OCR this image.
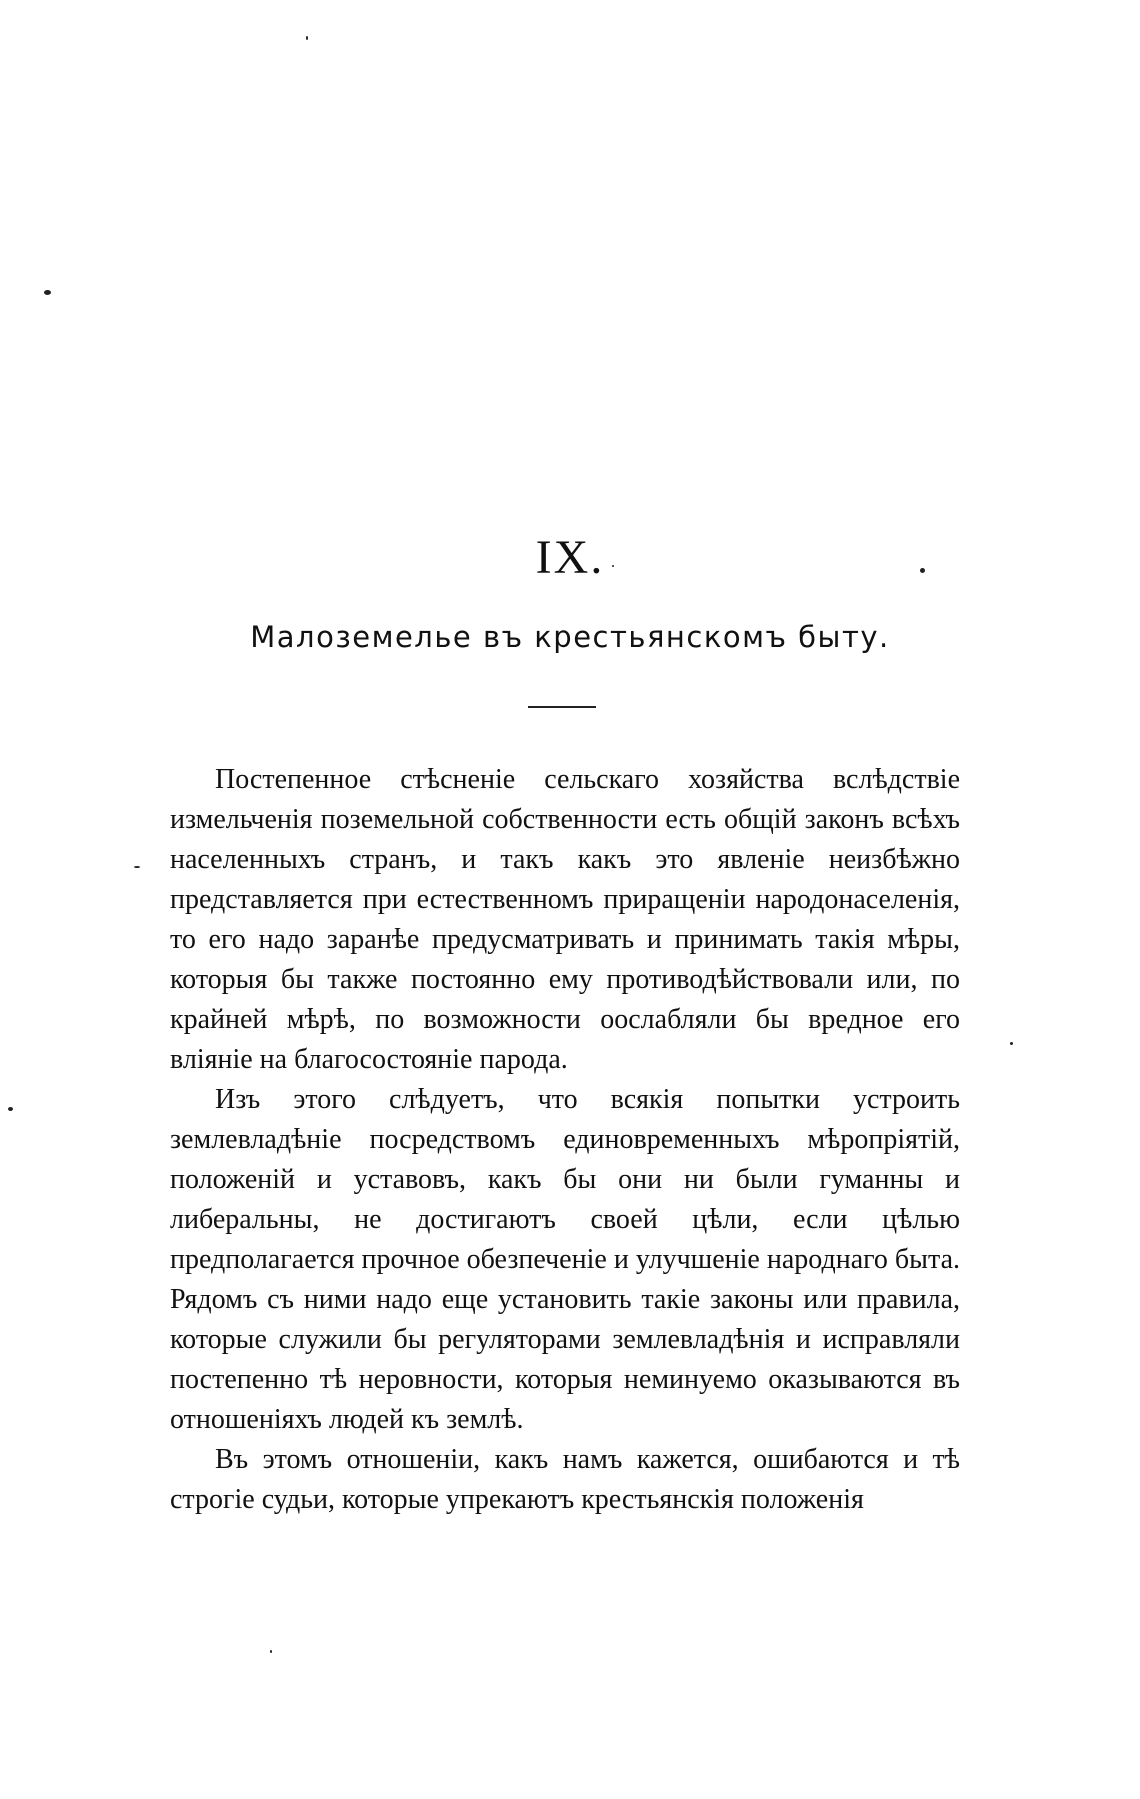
IX.
Малоземелье въ крестьянскомъ быту.

Постепенное стѣсненіе сельскаго хозяйства вслѣдствіе измельченія поземельной собственности есть общій законъ всѣхъ населенныхъ странъ, и такъ какъ это явленіе неизбѣжно представляется при естественномъ приращеніи народонаселенія, то его надо заранѣе предусматривать и принимать такія мѣры, которыя бы также постоянно ему противодѣйствовали или, по крайней мѣрѣ, по возможности ооcлабляли бы вредное его вліяніе на благосостояніе парода.

Изъ этого слѣдуетъ, что всякія попытки устроить землевладѣніе посредствомъ единовременныхъ мѣропріятій, положеній и уставовъ, какъ бы они ни были гуманны и либеральны, не достигаютъ своей цѣли, если цѣлью предполагается прочное обезпеченіе и улучшеніе народнаго быта. Рядомъ съ ними надо еще установить такіе законы или правила, которые служили бы регуляторами землевладѣнія и исправляли постепенно тѣ неровности, которыя неминуемо оказываются въ отношеніяхъ людей къ землѣ.

Въ этомъ отношеніи, какъ намъ кажется, ошибаются и тѣ строгіе судьи, которые упрекаютъ крестьянскія положенія
